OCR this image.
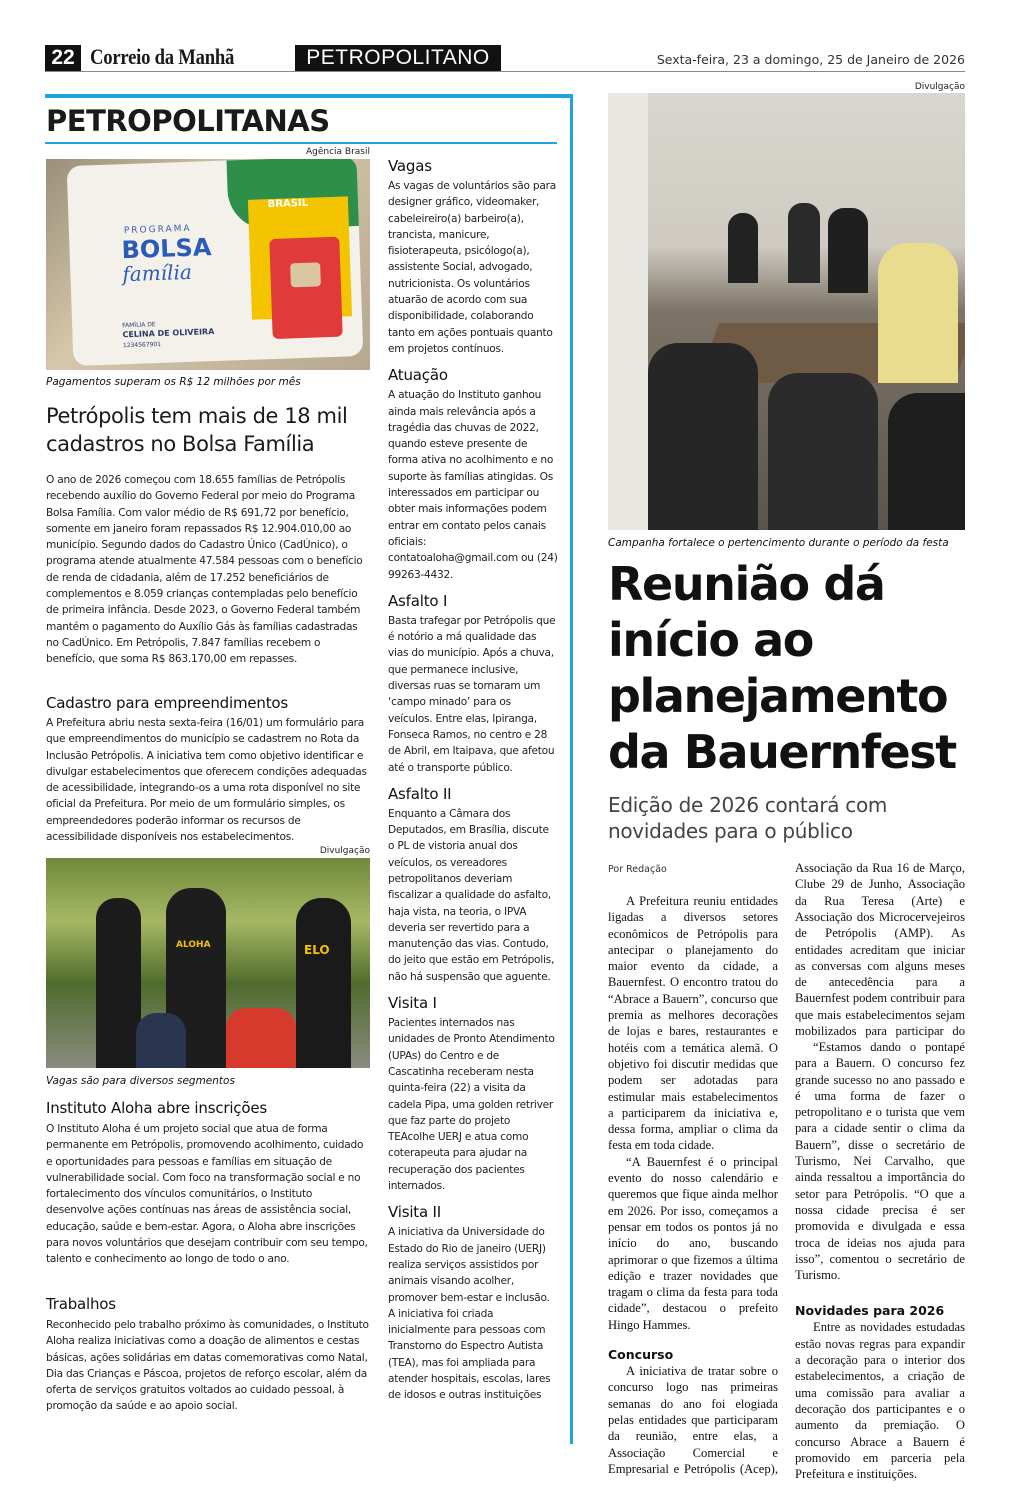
22 Correio da Manhã	PETROPOLITANO	Sexta-feira, 23 a domingo, 25 de Janeiro de 2026
PETROPOLITANAS
Agência Brasil
PROGRAMA
BOLSA
família
BRASIL
FAMÍLIA DE
CELINA DE OLIVEIRA
1234567901
Pagamentos superam os R$ 12 milhões por mês
Petrópolis tem mais de 18 mil cadastros no Bolsa Família
O ano de 2026 começou com 18.655 famílias de Petrópolis recebendo auxílio do Governo Federal por meio do Programa Bolsa Família. Com valor médio de R$ 691,72 por benefício, somente em janeiro foram repassados R$ 12.904.010,00 ao município. Segundo dados do Cadastro Único (CadÚnico), o programa atende atualmente 47.584 pessoas com o benefício de renda de cidadania, além de 17.252 beneficiários de complementos e 8.059 crianças contempladas pelo benefício de primeira infância. Desde 2023, o Governo Federal também mantém o pagamento do Auxílio Gás às famílias cadastradas no CadÚnico. Em Petrópolis, 7.847 famílias recebem o benefício, que soma R$ 863.170,00 em repasses.
Cadastro para empreendimentos
A Prefeitura abriu nesta sexta-feira (16/01) um formulário para que empreendimentos do município se cadastrem no Rota da Inclusão Petrópolis. A iniciativa tem como objetivo identificar e divulgar estabelecimentos que oferecem condições adequadas de acessibilidade, integrando-os a uma rota disponível no site oficial da Prefeitura. Por meio de um formulário simples, os empreendedores poderão informar os recursos de acessibilidade disponíveis nos estabelecimentos.
Divulgação
ALOHA	ELO
Vagas são para diversos segmentos
Instituto Aloha abre inscrições
O Instituto Aloha é um projeto social que atua de forma permanente em Petrópolis, promovendo acolhimento, cuidado e oportunidades para pessoas e famílias em situação de vulnerabilidade social. Com foco na transformação social e no fortalecimento dos vínculos comunitários, o Instituto desenvolve ações contínuas nas áreas de assistência social, educação, saúde e bem-estar. Agora, o Aloha abre inscrições para novos voluntários que desejam contribuir com seu tempo, talento e conhecimento ao longo de todo o ano.
Trabalhos
Reconhecido pelo trabalho próximo às comunidades, o Instituto Aloha realiza iniciativas como a doação de alimentos e cestas básicas, ações solidárias em datas comemorativas como Natal, Dia das Crianças e Páscoa, projetos de reforço escolar, além da oferta de serviços gratuitos voltados ao cuidado pessoal, à promoção da saúde e ao apoio social.
Vagas
As vagas de voluntários são para designer gráfico, videomaker, cabeleireiro(a) barbeiro(a), trancista, manicure, fisioterapeuta, psicólogo(a), assistente Social, advogado, nutricionista. Os voluntários atuarão de acordo com sua disponibilidade, colaborando tanto em ações pontuais quanto em projetos contínuos.
Atuação
A atuação do Instituto ganhou ainda mais relevância após a tragédia das chuvas de 2022, quando esteve presente de forma ativa no acolhimento e no suporte às famílias atingidas. Os interessados em participar ou obter mais informações podem entrar em contato pelos canais oficiais: contatoaloha@gmail.com ou (24) 99263-4432.
Asfalto I
Basta trafegar por Petrópolis que é notório a má qualidade das vias do município. Após a chuva, que permanece inclusive, diversas ruas se tornaram um ‘campo minado’ para os veículos. Entre elas, Ipiranga, Fonseca Ramos, no centro e 28 de Abril, em Itaipava, que afetou até o transporte público.
Asfalto II
Enquanto a Câmara dos Deputados, em Brasília, discute o PL de vistoria anual dos veículos, os vereadores petropolitanos deveriam fiscalizar a qualidade do asfalto, haja vista, na teoria, o IPVA deveria ser revertido para a manutenção das vias. Contudo, do jeito que estão em Petrópolis, não há suspensão que aguente.
Visita I
Pacientes internados nas unidades de Pronto Atendimento (UPAs) do Centro e de Cascatinha receberam nesta quinta-feira (22) a visita da cadela Pipa, uma golden retriver que faz parte do projeto TEAcolhe UERJ e atua como coterapeuta para ajudar na recuperação dos pacientes internados.
Visita II
A iniciativa da Universidade do Estado do Rio de janeiro (UERJ) realiza serviços assistidos por animais visando acolher, promover bem-estar e inclusão. A iniciativa foi criada inicialmente para pessoas com Transtorno do Espectro Autista (TEA), mas foi ampliada para atender hospitais, escolas, lares de idosos e outras instituições
Divulgação
Campanha fortalece o pertencimento durante o período da festa
Reunião dá início ao planejamento da Bauernfest
Edição de 2026 contará com novidades para o público
Por Redação

A Prefeitura reuniu entidades ligadas a diversos setores econômicos de Petrópolis para antecipar o planejamento do maior evento da cidade, a Bauernfest. O encontro tratou do “Abrace a Bauern”, concurso que premia as melhores decorações de lojas e bares, restaurantes e hotéis com a temática alemã. O objetivo foi discutir medidas que podem ser adotadas para estimular mais estabelecimentos a participarem da iniciativa e, dessa forma, ampliar o clima da festa em toda cidade.

“A Bauernfest é o principal evento do nosso calendário e queremos que fique ainda melhor em 2026. Por isso, começamos a pensar em todos os pontos já no início do ano, buscando aprimorar o que fizemos a última edição e trazer novidades que tragam o clima da festa para toda cidade”, destacou o prefeito Hingo Hammes.

Concurso

A iniciativa de tratar sobre o concurso logo nas primeiras semanas do ano foi elogiada pelas entidades que participaram da reunião, entre elas, a Associação Comercial e Empresarial e Petrópolis (Acep),

Associação da Rua 16 de Março, Clube 29 de Junho, Associação da Rua Teresa (Arte) e Associação dos Microcervejeiros de Petrópolis (AMP). As entidades acreditam que iniciar as conversas com alguns meses de antecedência para a Bauernfest podem contribuir para que mais estabelecimentos sejam mobilizados para participar do

“Estamos dando o pontapé para a Bauern. O concurso fez grande sucesso no ano passado e é uma forma de fazer o petropolitano e o turista que vem para a cidade sentir o clima da Bauern”, disse o secretário de Turismo, Nei Carvalho, que ainda ressaltou a importância do setor para Petrópolis. “O que a nossa cidade precisa é ser promovida e divulgada e essa troca de ideias nos ajuda para isso”, comentou o secretário de Turismo.

Novidades para 2026

Entre as novidades estudadas estão novas regras para expandir a decoração para o interior dos estabelecimentos, a criação de uma comissão para avaliar a decoração dos participantes e o aumento da premiação. O concurso Abrace a Bauern é promovido em parceria pela Prefeitura e instituições.
